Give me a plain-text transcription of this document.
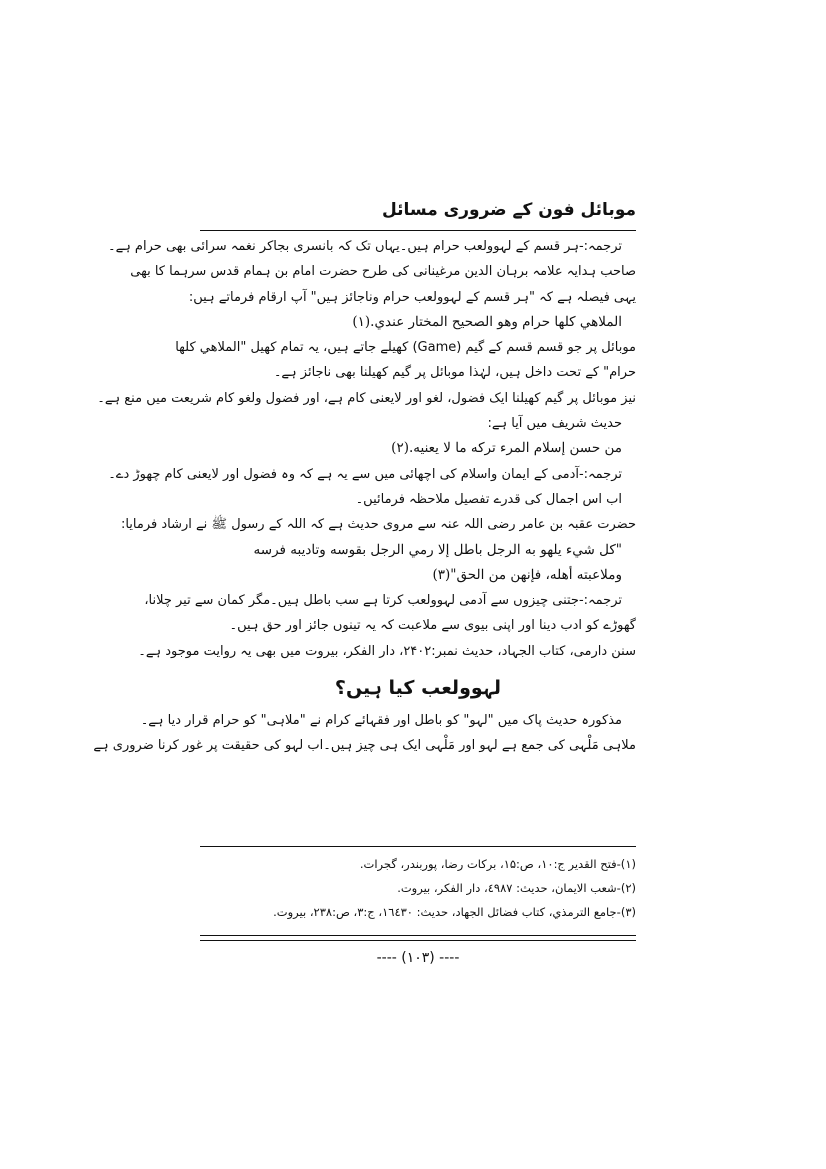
موبائل فون کے ضروری مسائل
ترجمہ:-ہر قسم کے لہوولعب حرام ہیں۔یہاں تک کہ بانسری بجاکر نغمہ سرائی بھی حرام ہے۔
صاحب ہدایہ علامہ برہان الدین مرغینانی کی طرح حضرت امام بن ہمام قدس سرہما کا بھی
یہی فیصلہ ہے کہ "ہر قسم کے لہوولعب حرام وناجائز ہیں" آپ ارقام فرماتے ہیں:
الملاهي كلها حرام وهو الصحيح المختار عندي.(۱)
موبائل پر جو قسم قسم کے گیم (Game) کھیلے جاتے ہیں، یہ تمام کھیل "الملاهي كلها
حرام" کے تحت داخل ہیں، لہٰذا موبائل پر گیم کھیلنا بھی ناجائز ہے۔
نیز موبائل پر گیم کھیلنا ایک فضول، لغو اور لایعنی کام ہے، اور فضول ولغو کام شریعت میں منع ہے۔
حدیث شریف میں آیا ہے:
من حسن إسلام المرء تركه ما لا يعنيه.(۲)
ترجمہ:-آدمی کے ایمان واسلام کی اچھائی میں سے یہ ہے کہ وہ فضول اور لایعنی کام چھوڑ دے۔
اب اس اجمال کی قدرے تفصیل ملاحظہ فرمائیں۔
حضرت عقبہ بن عامر رضی اللہ عنہ سے مروی حدیث ہے کہ اللہ کے رسول ﷺ نے ارشاد فرمایا:
"كل شيء يلهو به الرجل باطل إلا رمي الرجل بقوسه وتاديبه فرسه
وملاعبته أهله، فإنهن من الحق"(۳)
ترجمہ:-جتنی چیزوں سے آدمی لہوولعب کرتا ہے سب باطل ہیں۔مگر کمان سے تیر چلانا،
گھوڑے کو ادب دینا اور اپنی بیوی سے ملاعبت کہ یہ تینوں جائز اور حق ہیں۔
سنن دارمی، کتاب الجہاد، حدیث نمبر:۲۴۰۲، دار الفکر، بیروت میں بھی یہ روایت موجود ہے۔
لہوولعب کیا ہیں؟
مذکورہ حدیث پاک میں "لہو" کو باطل اور فقہائے کرام نے "ملاہی" کو حرام قرار دیا ہے۔
ملاہی مَلْہی کی جمع ہے لہو اور مَلْہی ایک ہی چیز ہیں۔اب لہو کی حقیقت پر غور کرنا ضروری ہے
(۱)-فتح القدير ج:۱۰، ص:۱۵، برکات رضا، پوربندر، گجرات.
(۲)-شعب الايمان، حديث: ٤٩٨٧، دار الفكر، بيروت.
(۳)-جامع الترمذي، كتاب فضائل الجهاد، حديث: ١٦٤٣٠، ج:۳، ص:۲۳۸، بيروت.
---- (۱۰۳) ----
